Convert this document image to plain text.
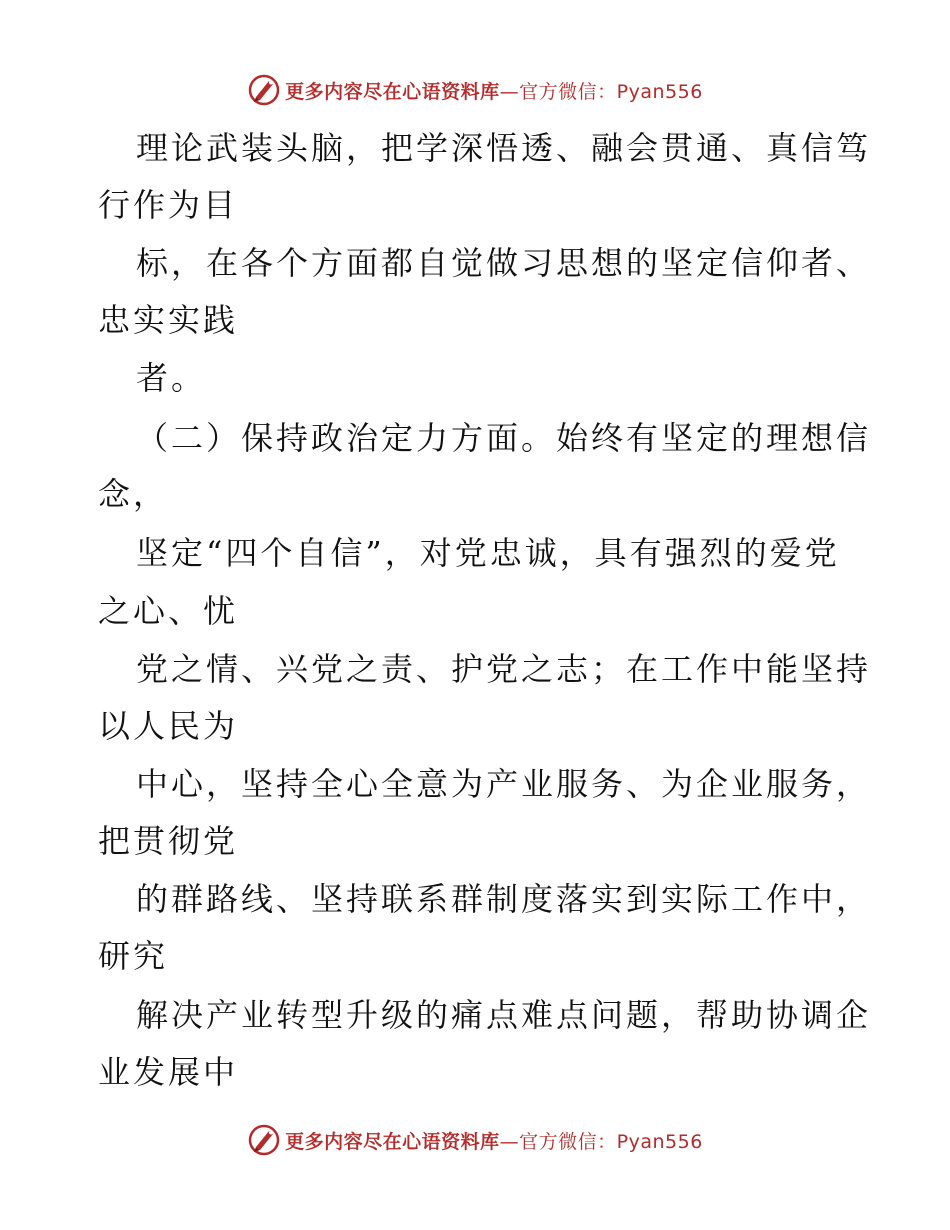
更多内容尽在心语资料库—官方微信：Pyan556
理论武装头脑，把学深悟透、融会贯通、真信笃
行作为目
标，在各个方面都自觉做习思想的坚定信仰者、
忠实实践
者。
（二）保持政治定力方面。始终有坚定的理想信
念，
坚定“四个自信”，对党忠诚，具有强烈的爱党
之心、忧
党之情、兴党之责、护党之志；在工作中能坚持
以人民为
中心，坚持全心全意为产业服务、为企业服务，
把贯彻党
的群路线、坚持联系群制度落实到实际工作中，
研究
解决产业转型升级的痛点难点问题，帮助协调企
业发展中
更多内容尽在心语资料库—官方微信：Pyan556
